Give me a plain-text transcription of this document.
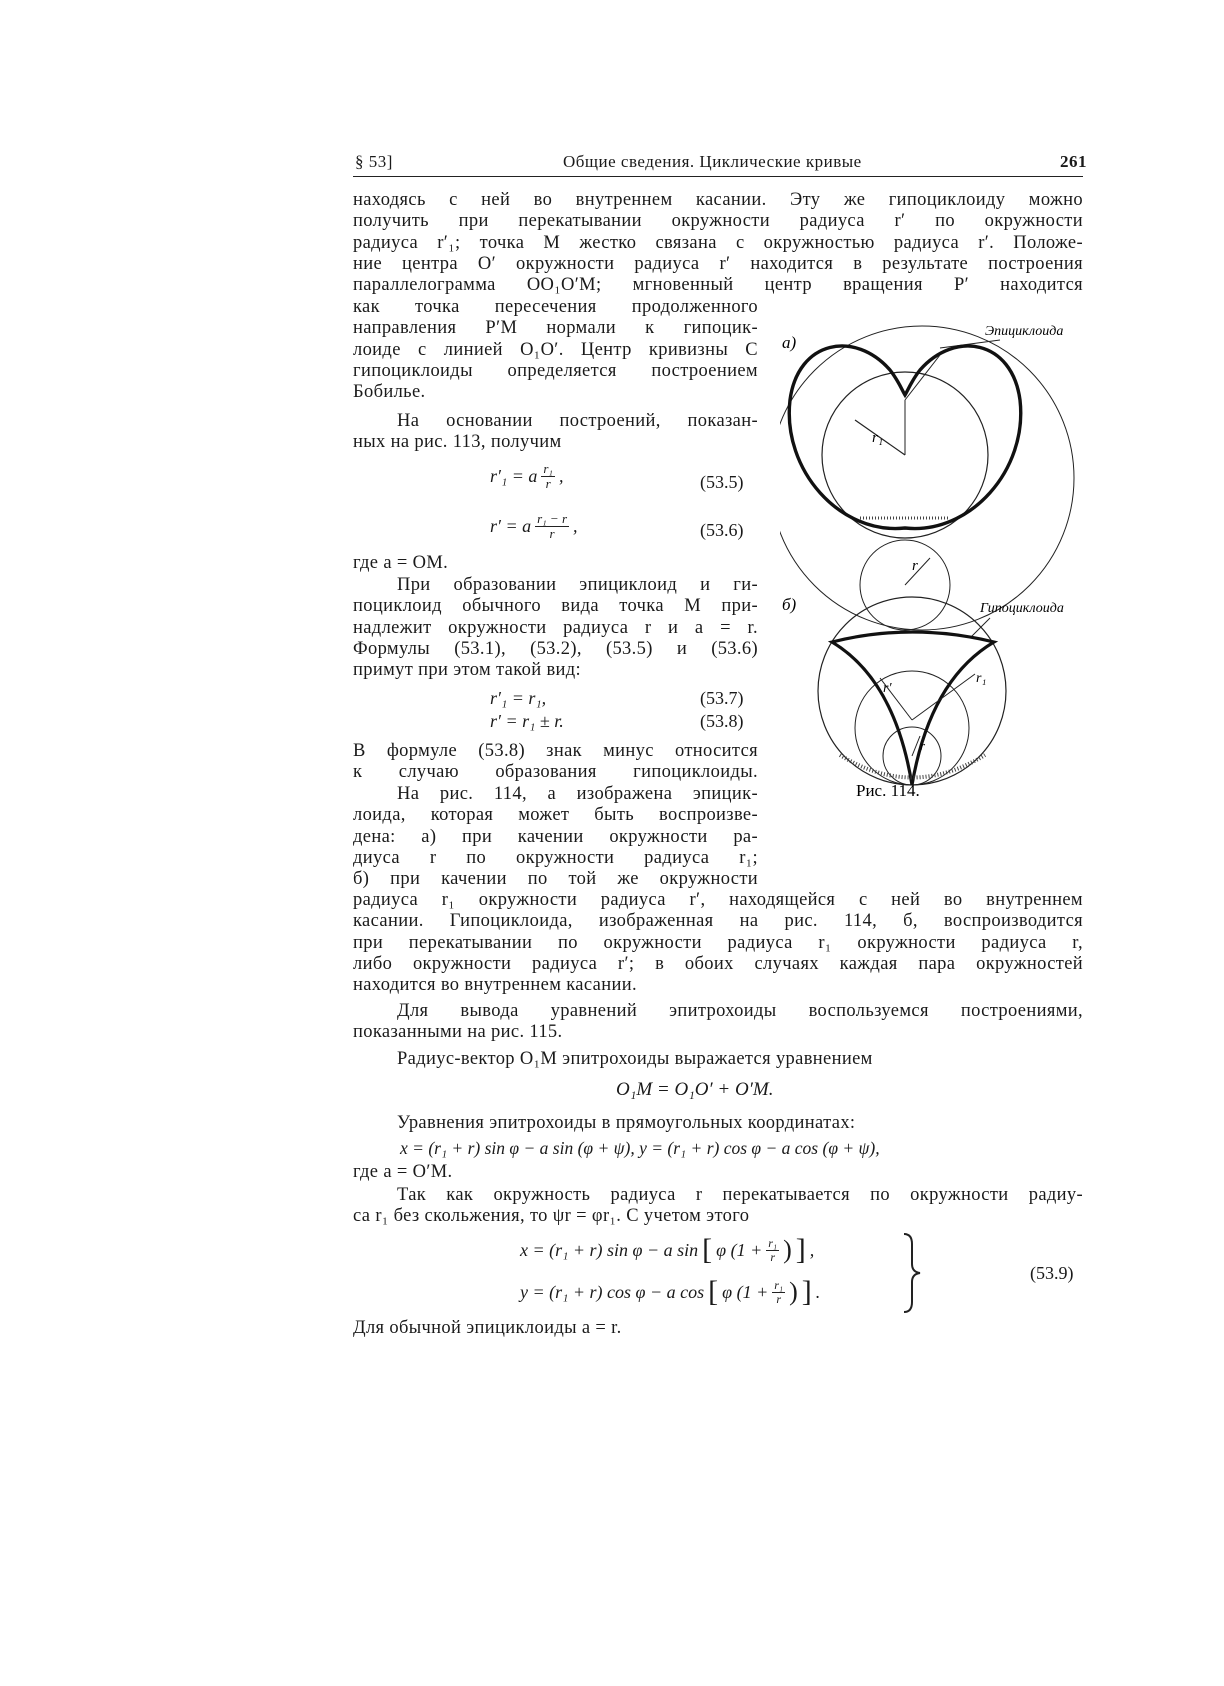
§ 53]	Общие сведения. Циклические кривые	261
находясь с ней во внутреннем касании. Эту же гипоциклоиду можно
получить при перекатывании окружности радиуса r′ по окружности
радиуса r′₁; точка M жестко связана с окружностью радиуса r′. Положе-
ние центра O′ окружности радиуса r′ находится в результате построения
параллелограмма OO₁O′M; мгновенный центр вращения P′ находится
как точка пересечения продолженного
направления P′M нормали к гипоцик-
лоиде с линией O₁O′. Центр кривизны C
гипоциклоиды определяется построением
Бобилье.
На основании построений, показан-
ных на рис. 113, получим
r′₁ = a $\frac{\text{r₁}}{r}$ ,	(53.5)
r′ = a $\frac{\text{r₁ − r}}{r}$ ,	(53.6)
где a = OM.
При образовании эпициклоид и ги-
поциклоид обычного вида точка M при-
надлежит окружности радиуса r и a = r.
Формулы (53.1), (53.2), (53.5) и (53.6)
примут при этом такой вид:
r′₁ = r₁,	(53.7)
r′ = r₁ ± r.	(53.8)
В формуле (53.8) знак минус относится
к случаю образования гипоциклоиды.
На рис. 114, a изображена эпицик-
лоида, которая может быть воспроизве-
дена: а) при качении окружности ра-
диуса r по окружности радиуса r₁;
б) при качении по той же окружности
радиуса r₁ окружности радиуса r′, находящейся с ней во внутреннем
касании. Гипоциклоида, изображенная на рис. 114, б, воспроизводится
при перекатывании по окружности радиуса r₁ окружности радиуса r,
либо окружности радиуса r′; в обоих случаях каждая пара окружностей
находится во внутреннем касании.
Для вывода уравнений эпитрохоиды воспользуемся построениями,
показанными на рис. 115.
Радиус-вектор O₁M эпитрохоиды выражается уравнением
O₁M = O₁O′ + O′M.
Уравнения эпитрохоиды в прямоугольных координатах:
x = (r₁ + r) sin φ − a sin (φ + ψ), y = (r₁ + r) cos φ − a cos (φ + ψ),
где a = O′M.
Так как окружность радиуса r перекатывается по окружности радиу-
са r₁ без скольжения, то ψr = φr₁. С учетом этого
x = (r₁ + r) sin φ − a sin [ φ ($1 + \frac{\text{r₁}}{r}$ ) ] ,
y = (r₁ + r) cos φ − a cos [ φ ($1 + \frac{\text{r₁}}{r}$ ) ] .
(53.9)
Для обычной эпициклоиды a = r.
а)
Эпициклоида
r₁
r
б)	Гипоциклоида
r₁
r′
r
Рис. 114.
